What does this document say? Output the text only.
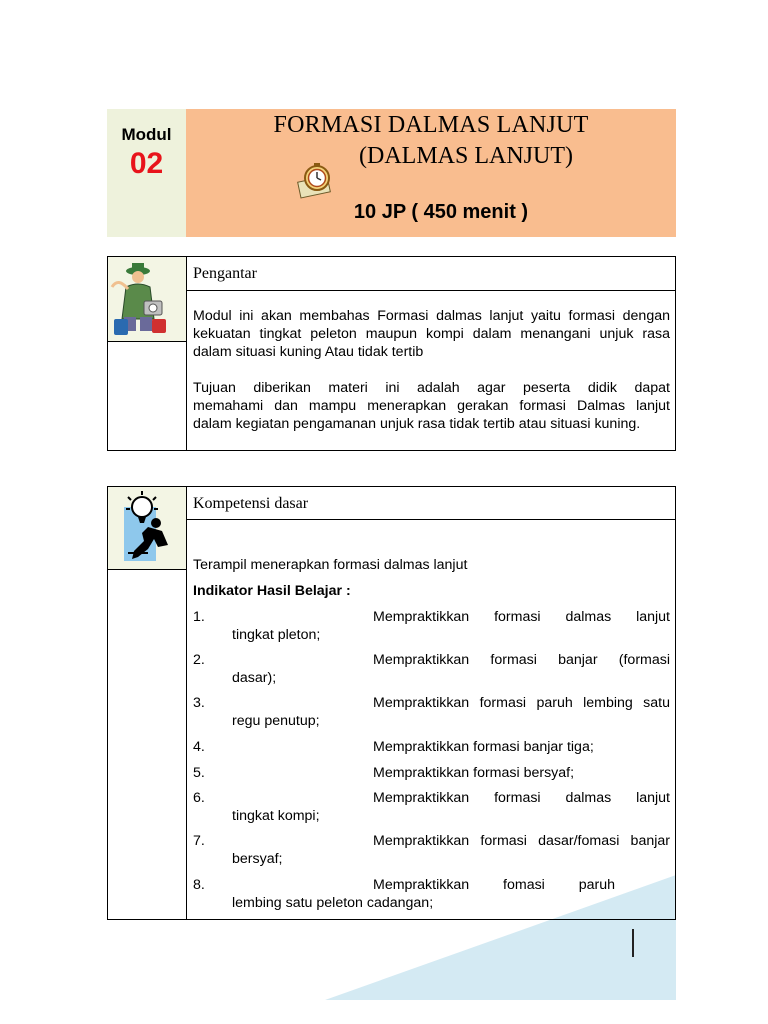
Modul
02
FORMASI DALMAS LANJUT
(DALMAS LANJUT)
10 JP ( 450 menit )
Pengantar
Modul ini akan membahas Formasi dalmas lanjut yaitu formasi dengan
kekuatan tingkat peleton maupun kompi dalam menangani unjuk rasa
dalam situasi kuning Atau tidak tertib
Tujuan diberikan materi ini adalah agar peserta didik dapat
memahami dan mampu menerapkan gerakan formasi Dalmas lanjut
dalam kegiatan pengamanan unjuk rasa tidak tertib atau situasi kuning.
Kompetensi dasar
Terampil menerapkan formasi dalmas lanjut
Indikator Hasil Belajar :
1.	Mempraktikkan formasi dalmas lanjut
tingkat pleton;
2.	Mempraktikkan formasi banjar (formasi
dasar);
3.	Mempraktikkan formasi paruh lembing satu
regu penutup;
4.	Mempraktikkan formasi banjar tiga;
5.	Mempraktikkan formasi bersyaf;
6.	Mempraktikkan formasi dalmas lanjut
tingkat kompi;
7.	Mempraktikkan formasi dasar/fomasi banjar
bersyaf;
8.	Mempraktikkan fomasi paruh
lembing satu peleton cadangan;
